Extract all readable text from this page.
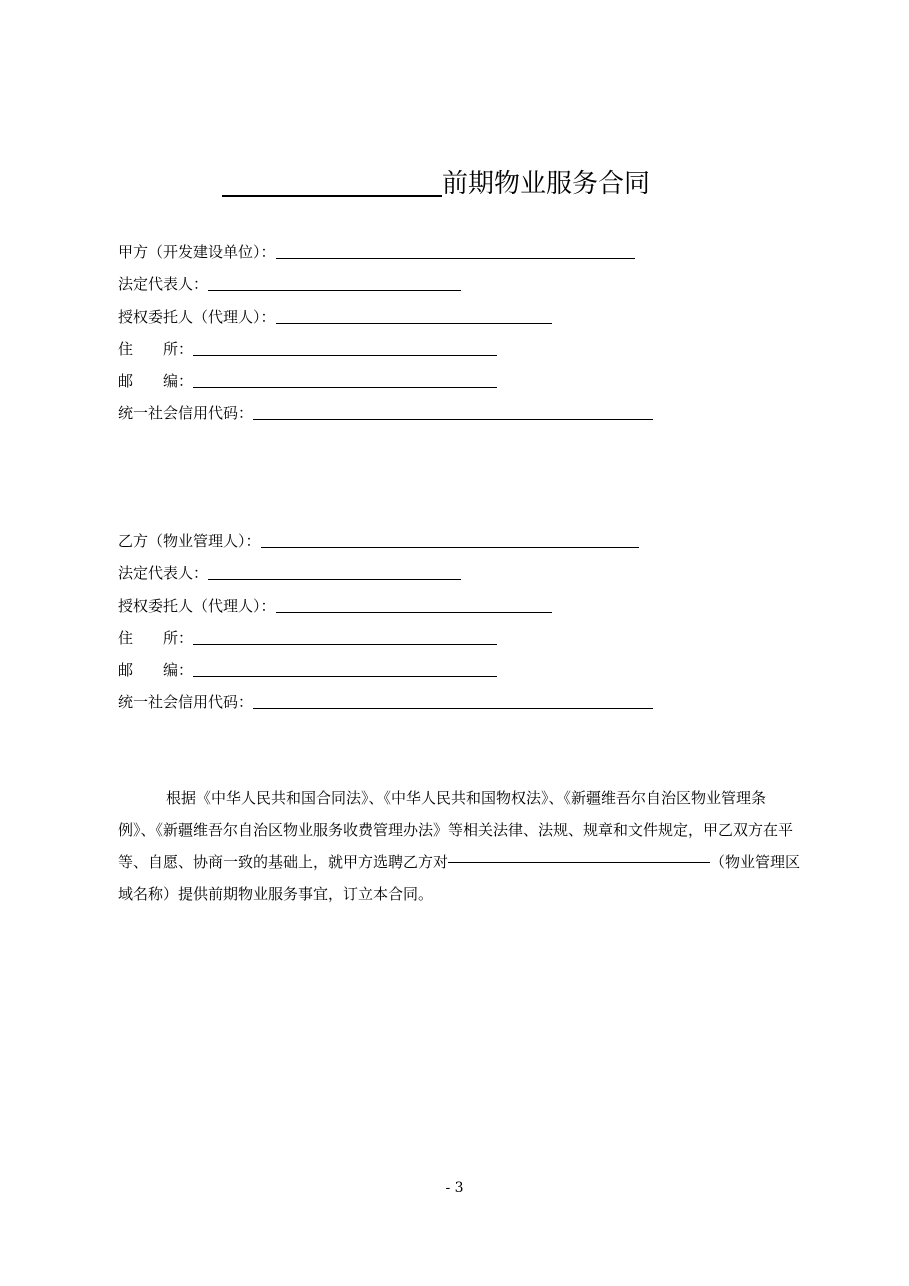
前期物业服务合同
甲方（开发建设单位）：
法定代表人：
授权委托人（代理人）：
住　　所：
邮　　编：
统一社会信用代码：
乙方（物业管理人）：
法定代表人：
授权委托人（代理人）：
住　　所：
邮　　编：
统一社会信用代码：
根据《中华人民共和国合同法》、《中华人民共和国物权法》、《新疆维吾尔自治区物业管理条例》、《新疆维吾尔自治区物业服务收费管理办法》等相关法律、法规、规章和文件规定，甲乙双方在平等、自愿、协商一致的基础上，就甲方选聘乙方对	（物业管理区域名称）提供前期物业服务事宜，订立本合同。
- 3
